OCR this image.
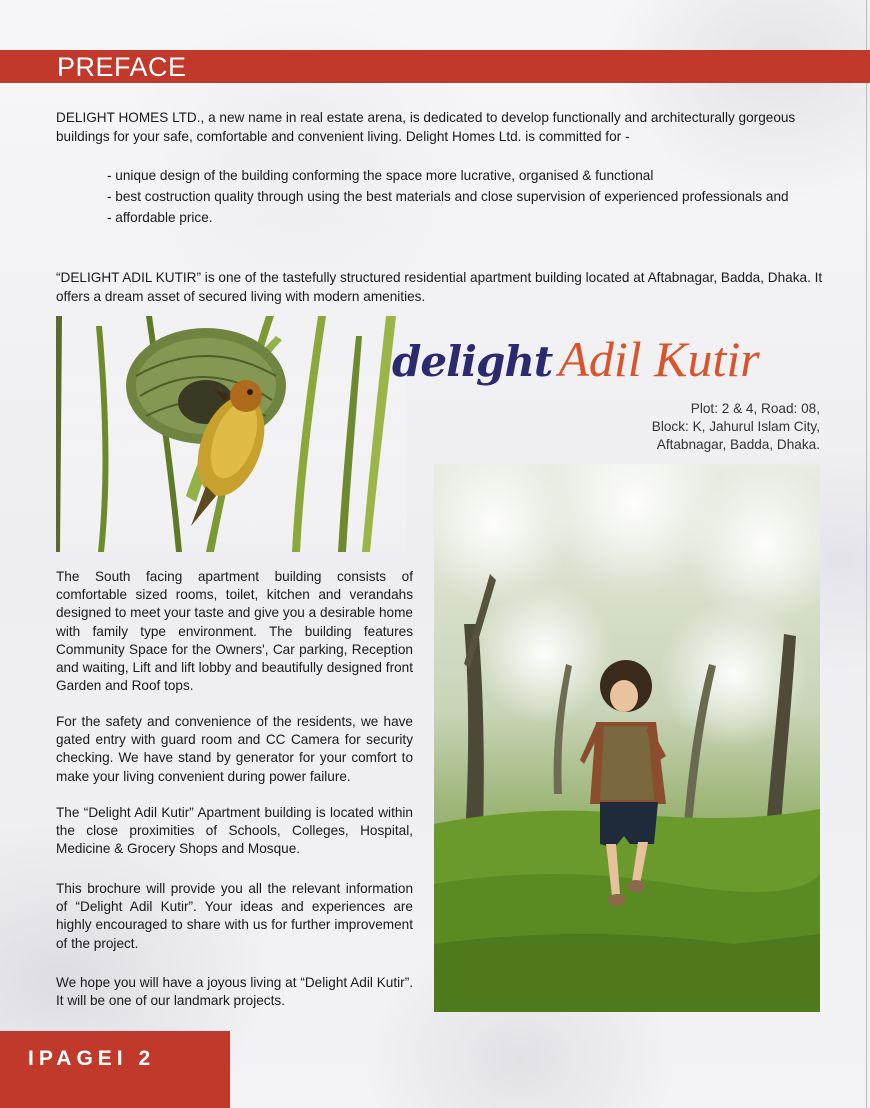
PREFACE

DELIGHT HOMES LTD., a new name in real estate arena, is dedicated to develop functionally and architecturally gorgeous buildings for your safe, comfortable and convenient living. Delight Homes Ltd. is committed for -

- unique design of the building conforming the space more lucrative, organised & functional
- best costruction quality through using the best materials and close supervision of experienced professionals and
- affordable price.

“DELIGHT ADIL KUTIR” is one of the tastefully structured residential apartment building located at Aftabnagar, Badda, Dhaka. It offers a dream asset of secured living with modern amenities.

delight Adil Kutir
Plot: 2 & 4, Road: 08,
Block: K, Jahurul Islam City,
Aftabnagar, Badda, Dhaka.

The South facing apartment building consists of comfortable sized rooms, toilet, kitchen and verandahs designed to meet your taste and give you a desirable home with family type environment. The building features Community Space for the Owners', Car parking, Reception and waiting, Lift and lift lobby and beautifully designed front Garden and Roof tops.

For the safety and convenience of the residents, we have gated entry with guard room and CC Camera for security checking. We have stand by generator for your comfort to make your living convenient during power failure.

The “Delight Adil Kutir” Apartment building is located within the close proximities of Schools, Colleges, Hospital, Medicine & Grocery Shops and Mosque.

This brochure will provide you all the relevant information of “Delight Adil Kutir”. Your ideas and experiences are highly encouraged to share with us for further improvement of the project.

We hope you will have a joyous living at “Delight Adil Kutir”. It will be one of our landmark projects.

IPAGEI 2
